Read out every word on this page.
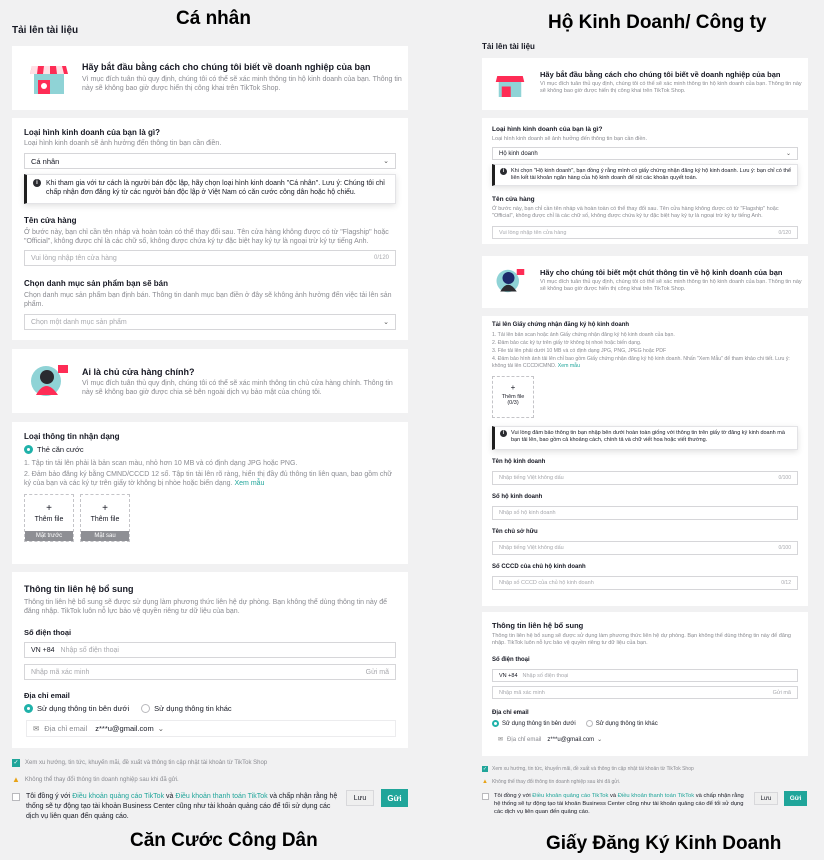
Cá nhân	Hộ Kinh Doanh/ Công ty
Căn Cước Công Dân	Giấy Đăng Ký Kinh Doanh
Tải lên tài liệu
Hãy bắt đầu bằng cách cho chúng tôi biết về doanh nghiệp của bạn
Vì mục đích tuân thủ quy định, chúng tôi có thể sẽ xác minh thông tin hộ kinh doanh của bạn. Thông tin này sẽ không bao giờ được hiển thị công khai trên TikTok Shop.
Loại hình kinh doanh của bạn là gì?
Loại hình kinh doanh sẽ ảnh hưởng đến thông tin bạn cần điền.
Cá nhân	⌄
i	Khi tham gia với tư cách là người bán độc lập, hãy chọn loại hình kinh doanh "Cá nhân". Lưu ý: Chúng tôi chỉ chấp nhận đơn đăng ký từ các người bán độc lập ở Việt Nam có căn cước công dân hoặc hộ chiếu.
Tên cửa hàng
Ở bước này, bạn chỉ cần tên nháp và hoàn toàn có thể thay đổi sau. Tên cửa hàng không được có từ "Flagship" hoặc "Official", không được chỉ là các chữ số, không được chứa ký tự đặc biệt hay ký tự là ngoại trừ ký tự tiếng Anh.
Vui lòng nhập tên cửa hàng	0/120
Chọn danh mục sản phẩm bạn sẽ bán
Chọn danh mục sản phẩm bạn định bán. Thông tin danh mục bạn điền ở đây sẽ không ảnh hưởng đến việc tải lên sản phẩm.
Chọn một danh mục sản phẩm	⌄
Ai là chủ cửa hàng chính?
Vì mục đích tuân thủ quy định, chúng tôi có thể sẽ xác minh thông tin chủ cửa hàng chính. Thông tin này sẽ không bao giờ được chia sẻ bên ngoài dịch vụ bảo mật của chúng tôi.
Loại thông tin nhận dạng
Thẻ căn cước
1. Tập tin tải lên phải là bản scan màu, nhỏ hơn 10 MB và có định dạng JPG hoặc PNG.
2. Đảm bảo đăng ký bằng CMND/CCCD 12 số. Tập tin tải lên rõ ràng, hiển thị đầy đủ thông tin liên quan, bao gồm chữ ký của bạn và các ký tự trên giấy tờ không bị nhòe hoặc biến dạng. Xem mẫu
+
Thêm file
Mặt trước
+
Thêm file
Mặt sau
Thông tin liên hệ bổ sung
Thông tin liên hệ bổ sung sẽ được sử dụng làm phương thức liên hệ dự phòng. Bạn không thể dùng thông tin này để đăng nhập. TikTok luôn nỗ lực bảo vệ quyền riêng tư dữ liệu của bạn.
Số điện thoại
VN +84 Nhập số điện thoại
Nhập mã xác minh	Gửi mã
Địa chỉ email
Sử dụng thông tin bên dưới	Sử dụng thông tin khác
✉ Địa chỉ email z***u@gmail.com ⌄
✓ Xem xu hướng, tin tức, khuyến mãi, đề xuất và thông tin cập nhật tài khoản từ TikTok Shop
▲ Không thể thay đổi thông tin doanh nghiệp sau khi đã gửi.
Tôi đồng ý với Điều khoản quảng cáo TikTok và Điều khoản thanh toán TikTok và chấp nhận rằng hệ thống sẽ tự động tạo tài khoản Business Center cũng như tài khoản quảng cáo để tối sử dụng các dịch vụ liên quan đến quảng cáo.
Lưu	Gửi
Tải lên tài liệu
Hãy bắt đầu bằng cách cho chúng tôi biết về doanh nghiệp của bạn
Vì mục đích tuân thủ quy định, chúng tôi có thể sẽ xác minh thông tin hộ kinh doanh của bạn. Thông tin này sẽ không bao giờ được hiển thị công khai trên TikTok Shop.
Loại hình kinh doanh của bạn là gì?
Loại hình kinh doanh sẽ ảnh hưởng đến thông tin bạn cần điền.
Hộ kinh doanh	⌄
i	Khi chọn "Hộ kinh doanh", bạn đồng ý rằng mình có giấy chứng nhận đăng ký hộ kinh doanh. Lưu ý: bạn chỉ có thể liên kết tài khoản ngân hàng của hộ kinh doanh để rút các khoản quyết toán.
Tên cửa hàng
Ở bước này, bạn chỉ cần tên nháp và hoàn toàn có thể thay đổi sau. Tên cửa hàng không được có từ "Flagship" hoặc "Official", không được chỉ là các chữ số, không được chứa ký tự đặc biệt hay ký tự là ngoại trừ ký tự tiếng Anh.
Vui lòng nhập tên cửa hàng	0/120
Hãy cho chúng tôi biết một chút thông tin về hộ kinh doanh của bạn
Vì mục đích tuân thủ quy định, chúng tôi có thể sẽ xác minh thông tin hộ kinh doanh của bạn. Thông tin này sẽ không bao giờ được hiển thị công khai trên TikTok Shop.
Tải lên Giấy chứng nhận đăng ký hộ kinh doanh
1. Tải lên bản scan hoặc ảnh Giấy chứng nhận đăng ký hộ kinh doanh của bạn.
2. Đảm bảo các ký tự trên giấy tờ không bị nhoè hoặc biến dạng.
3. File tải lên phải dưới 10 MB và có định dạng JPG, PNG, JPEG hoặc PDF
4. Đảm bảo hình ảnh tải lên chỉ bao gồm Giấy chứng nhận đăng ký hộ kinh doanh. Nhấn "Xem Mẫu" để tham khảo chi tiết. Lưu ý: không tải lên CCCD/CMND. Xem mẫu
+
Thêm file
(0/3)
i	Vui lòng đảm bảo thông tin bạn nhập bên dưới hoàn toàn giống với thông tin trên giấy tờ đăng ký kinh doanh mà bạn tải lên, bao gồm cả khoảng cách, chính tả và chữ viết hoa hoặc viết thường.
Tên hộ kinh doanh
Nhập tiếng Việt không dấu	0/100
Số hộ kinh doanh
Nhập số hộ kinh doanh
Tên chủ sở hữu
Nhập tiếng Việt không dấu	0/100
Số CCCD của chủ hộ kinh doanh
Nhập số CCCD của chủ hộ kinh doanh	0/12
Thông tin liên hệ bổ sung
Thông tin liên hệ bổ sung sẽ được sử dụng làm phương thức liên hệ dự phòng. Bạn không thể dùng thông tin này để đăng nhập. TikTok luôn nỗ lực bảo vệ quyền riêng tư dữ liệu của bạn.
Số điện thoại
VN +84 Nhập số điện thoại
Nhập mã xác minh	Gửi mã
Địa chỉ email
Sử dụng thông tin bên dưới	Sử dụng thông tin khác
✉ Địa chỉ email z***u@gmail.com ⌄
✓ Xem xu hướng, tin tức, khuyến mãi, đề xuất và thông tin cập nhật tài khoản từ TikTok Shop
▲ Không thể thay đổi thông tin doanh nghiệp sau khi đã gửi.
Tôi đồng ý với Điều khoản quảng cáo TikTok và Điều khoản thanh toán TikTok và chấp nhận rằng hệ thống sẽ tự động tạo tài khoản Business Center cũng như tài khoản quảng cáo để tối sử dụng các dịch vụ liên quan đến quảng cáo.
Lưu	Gửi
